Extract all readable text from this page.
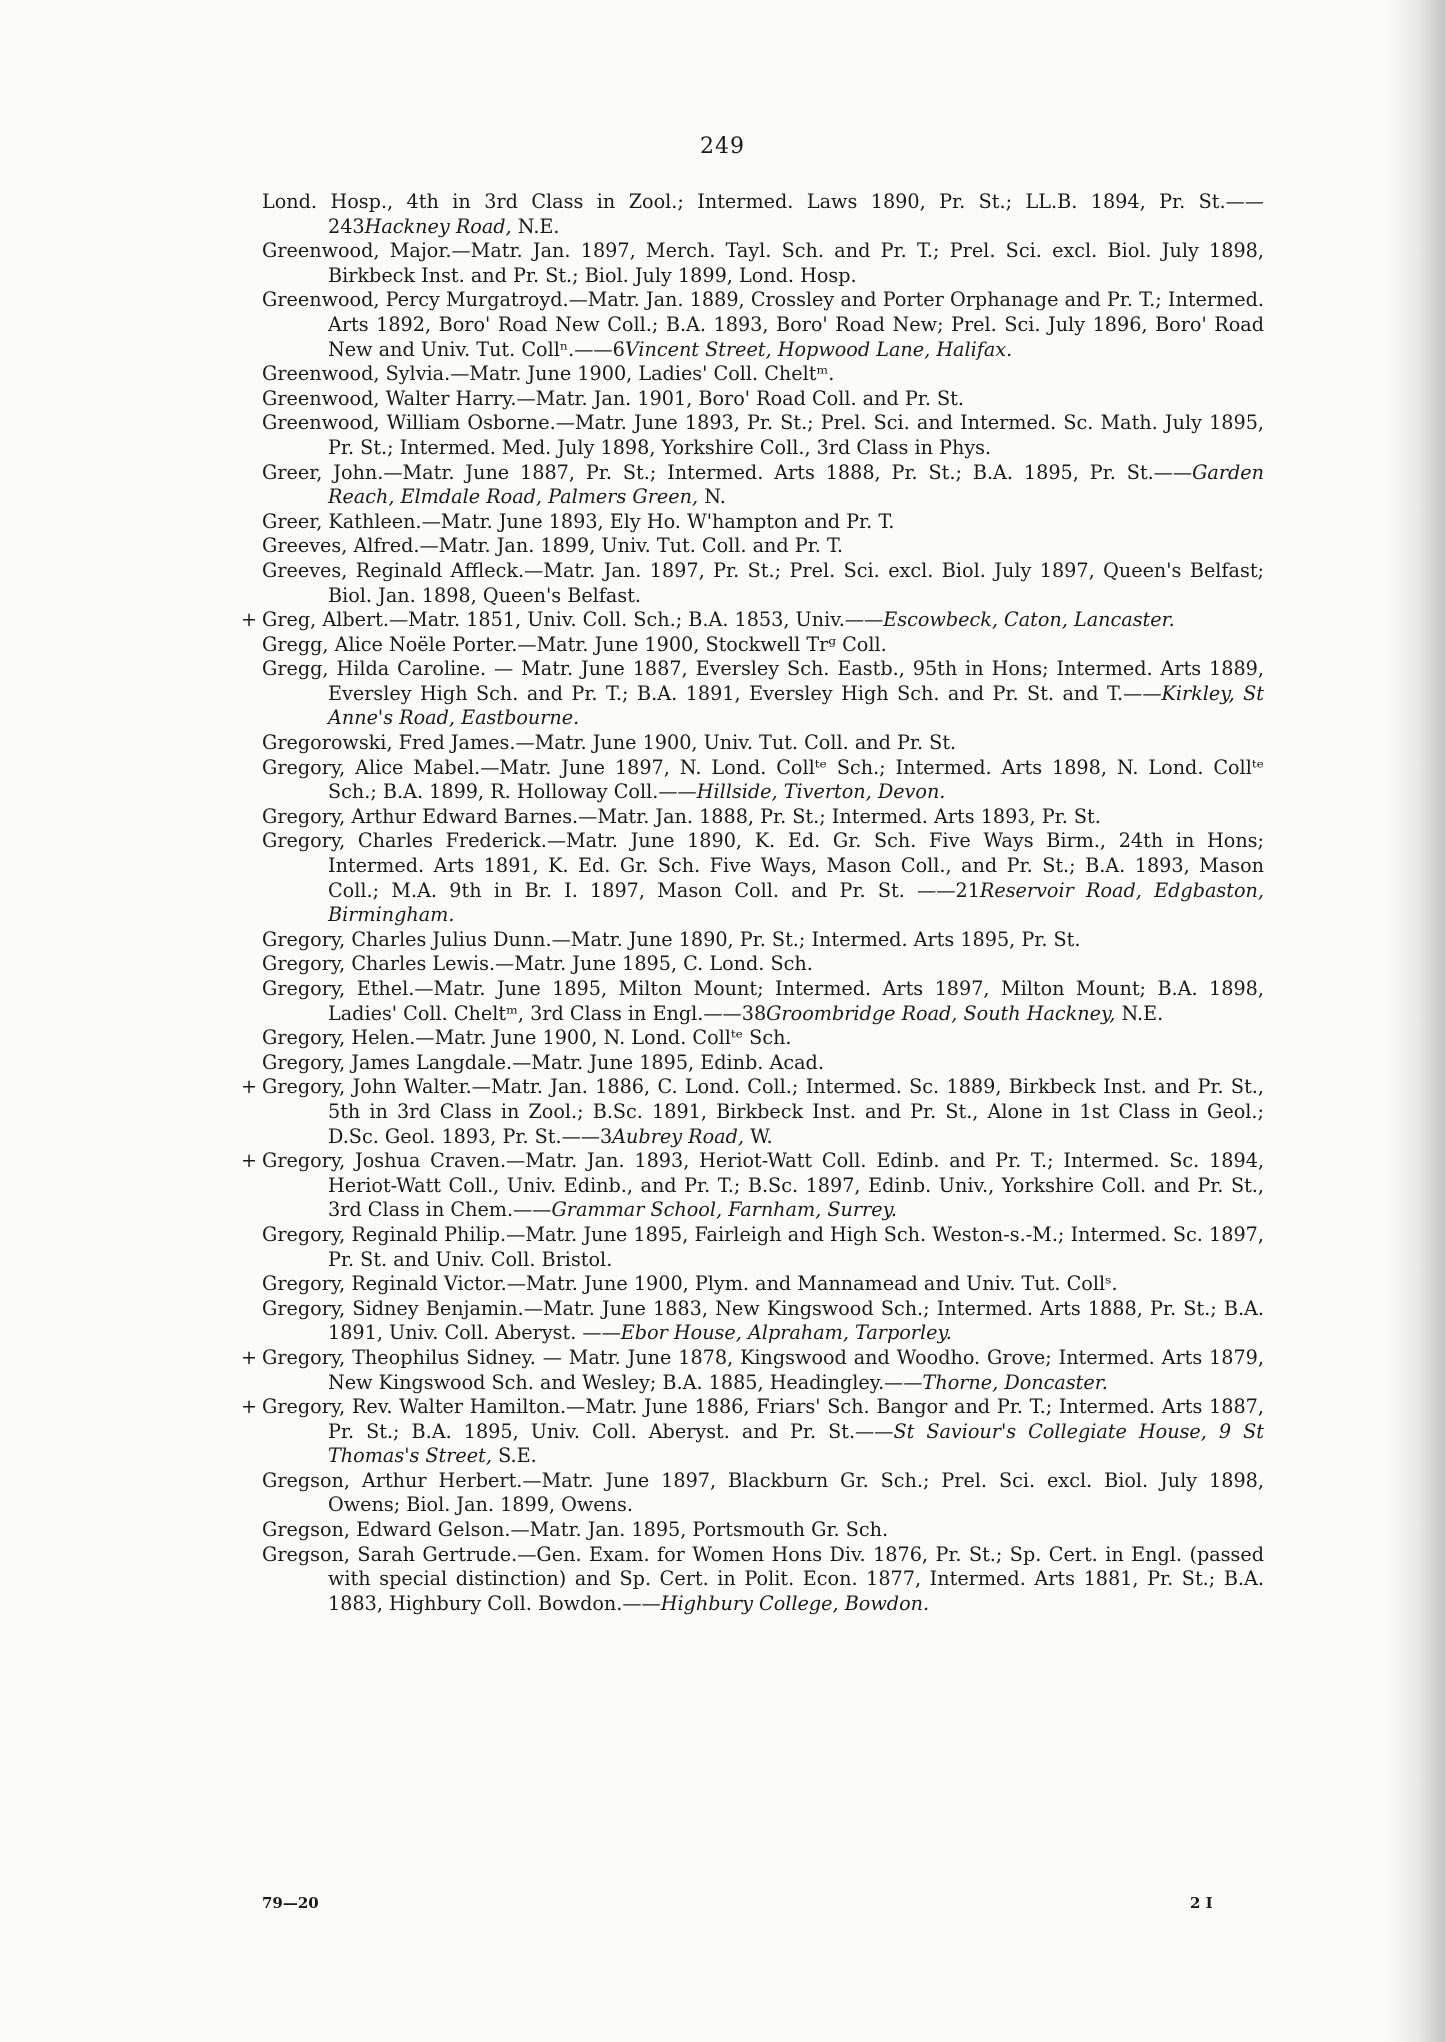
249

Lond. Hosp., 4th in 3rd Class in Zool.; Intermed. Laws 1890, Pr. St.; LL.B. 1894, Pr. St.——243Hackney Road, N.E.

Greenwood, Major.—Matr. Jan. 1897, Merch. Tayl. Sch. and Pr. T.; Prel. Sci. excl. Biol. July 1898, Birkbeck Inst. and Pr. St.; Biol. July 1899, Lond. Hosp.

Greenwood, Percy Murgatroyd.—Matr. Jan. 1889, Crossley and Porter Orphanage and Pr. T.; Intermed. Arts 1892, Boro' Road New Coll.; B.A. 1893, Boro' Road New; Prel. Sci. July 1896, Boro' Road New and Univ. Tut. Collⁿ.——6Vincent Street, Hopwood Lane, Halifax.

Greenwood, Sylvia.—Matr. June 1900, Ladies' Coll. Cheltᵐ.

Greenwood, Walter Harry.—Matr. Jan. 1901, Boro' Road Coll. and Pr. St.

Greenwood, William Osborne.—Matr. June 1893, Pr. St.; Prel. Sci. and Intermed. Sc. Math. July 1895, Pr. St.; Intermed. Med. July 1898, Yorkshire Coll., 3rd Class in Phys.

Greer, John.—Matr. June 1887, Pr. St.; Intermed. Arts 1888, Pr. St.; B.A. 1895, Pr. St.——Garden Reach, Elmdale Road, Palmers Green, N.

Greer, Kathleen.—Matr. June 1893, Ely Ho. W'hampton and Pr. T.

Greeves, Alfred.—Matr. Jan. 1899, Univ. Tut. Coll. and Pr. T.

Greeves, Reginald Affleck.—Matr. Jan. 1897, Pr. St.; Prel. Sci. excl. Biol. July 1897, Queen's Belfast; Biol. Jan. 1898, Queen's Belfast.

+ Greg, Albert.—Matr. 1851, Univ. Coll. Sch.; B.A. 1853, Univ.——Escowbeck, Caton, Lancaster.

Gregg, Alice Noële Porter.—Matr. June 1900, Stockwell Trᵍ Coll.

Gregg, Hilda Caroline. — Matr. June 1887, Eversley Sch. Eastb., 95th in Hons; Intermed. Arts 1889, Eversley High Sch. and Pr. T.; B.A. 1891, Eversley High Sch. and Pr. St. and T.——Kirkley, St Anne's Road, Eastbourne.

Gregorowski, Fred James.—Matr. June 1900, Univ. Tut. Coll. and Pr. St.

Gregory, Alice Mabel.—Matr. June 1897, N. Lond. Collᵗᵉ Sch.; Intermed. Arts 1898, N. Lond. Collᵗᵉ Sch.; B.A. 1899, R. Holloway Coll.——Hillside, Tiverton, Devon.

Gregory, Arthur Edward Barnes.—Matr. Jan. 1888, Pr. St.; Intermed. Arts 1893, Pr. St.

Gregory, Charles Frederick.—Matr. June 1890, K. Ed. Gr. Sch. Five Ways Birm., 24th in Hons; Intermed. Arts 1891, K. Ed. Gr. Sch. Five Ways, Mason Coll., and Pr. St.; B.A. 1893, Mason Coll.; M.A. 9th in Br. I. 1897, Mason Coll. and Pr. St. ——21Reservoir Road, Edgbaston, Birmingham.

Gregory, Charles Julius Dunn.—Matr. June 1890, Pr. St.; Intermed. Arts 1895, Pr. St.

Gregory, Charles Lewis.—Matr. June 1895, C. Lond. Sch.

Gregory, Ethel.—Matr. June 1895, Milton Mount; Intermed. Arts 1897, Milton Mount; B.A. 1898, Ladies' Coll. Cheltᵐ, 3rd Class in Engl.——38Groombridge Road, South Hackney, N.E.

Gregory, Helen.—Matr. June 1900, N. Lond. Collᵗᵉ Sch.

Gregory, James Langdale.—Matr. June 1895, Edinb. Acad.

+ Gregory, John Walter.—Matr. Jan. 1886, C. Lond. Coll.; Intermed. Sc. 1889, Birkbeck Inst. and Pr. St., 5th in 3rd Class in Zool.; B.Sc. 1891, Birkbeck Inst. and Pr. St., Alone in 1st Class in Geol.; D.Sc. Geol. 1893, Pr. St.——3Aubrey Road, W.

+ Gregory, Joshua Craven.—Matr. Jan. 1893, Heriot-Watt Coll. Edinb. and Pr. T.; Intermed. Sc. 1894, Heriot-Watt Coll., Univ. Edinb., and Pr. T.; B.Sc. 1897, Edinb. Univ., Yorkshire Coll. and Pr. St., 3rd Class in Chem.——Grammar School, Farnham, Surrey.

Gregory, Reginald Philip.—Matr. June 1895, Fairleigh and High Sch. Weston-s.-M.; Intermed. Sc. 1897, Pr. St. and Univ. Coll. Bristol.

Gregory, Reginald Victor.—Matr. June 1900, Plym. and Mannamead and Univ. Tut. Collˢ.

Gregory, Sidney Benjamin.—Matr. June 1883, New Kingswood Sch.; Intermed. Arts 1888, Pr. St.; B.A. 1891, Univ. Coll. Aberyst. ——Ebor House, Alpraham, Tarporley.

+ Gregory, Theophilus Sidney. — Matr. June 1878, Kingswood and Woodho. Grove; Intermed. Arts 1879, New Kingswood Sch. and Wesley; B.A. 1885, Headingley.——Thorne, Doncaster.

+ Gregory, Rev. Walter Hamilton.—Matr. June 1886, Friars' Sch. Bangor and Pr. T.; Intermed. Arts 1887, Pr. St.; B.A. 1895, Univ. Coll. Aberyst. and Pr. St.——St Saviour's Collegiate House, 9 St Thomas's Street, S.E.

Gregson, Arthur Herbert.—Matr. June 1897, Blackburn Gr. Sch.; Prel. Sci. excl. Biol. July 1898, Owens; Biol. Jan. 1899, Owens.

Gregson, Edward Gelson.—Matr. Jan. 1895, Portsmouth Gr. Sch.

Gregson, Sarah Gertrude.—Gen. Exam. for Women Hons Div. 1876, Pr. St.; Sp. Cert. in Engl. (passed with special distinction) and Sp. Cert. in Polit. Econ. 1877, Intermed. Arts 1881, Pr. St.; B.A. 1883, Highbury Coll. Bowdon.——Highbury College, Bowdon.

79—20	2 I
